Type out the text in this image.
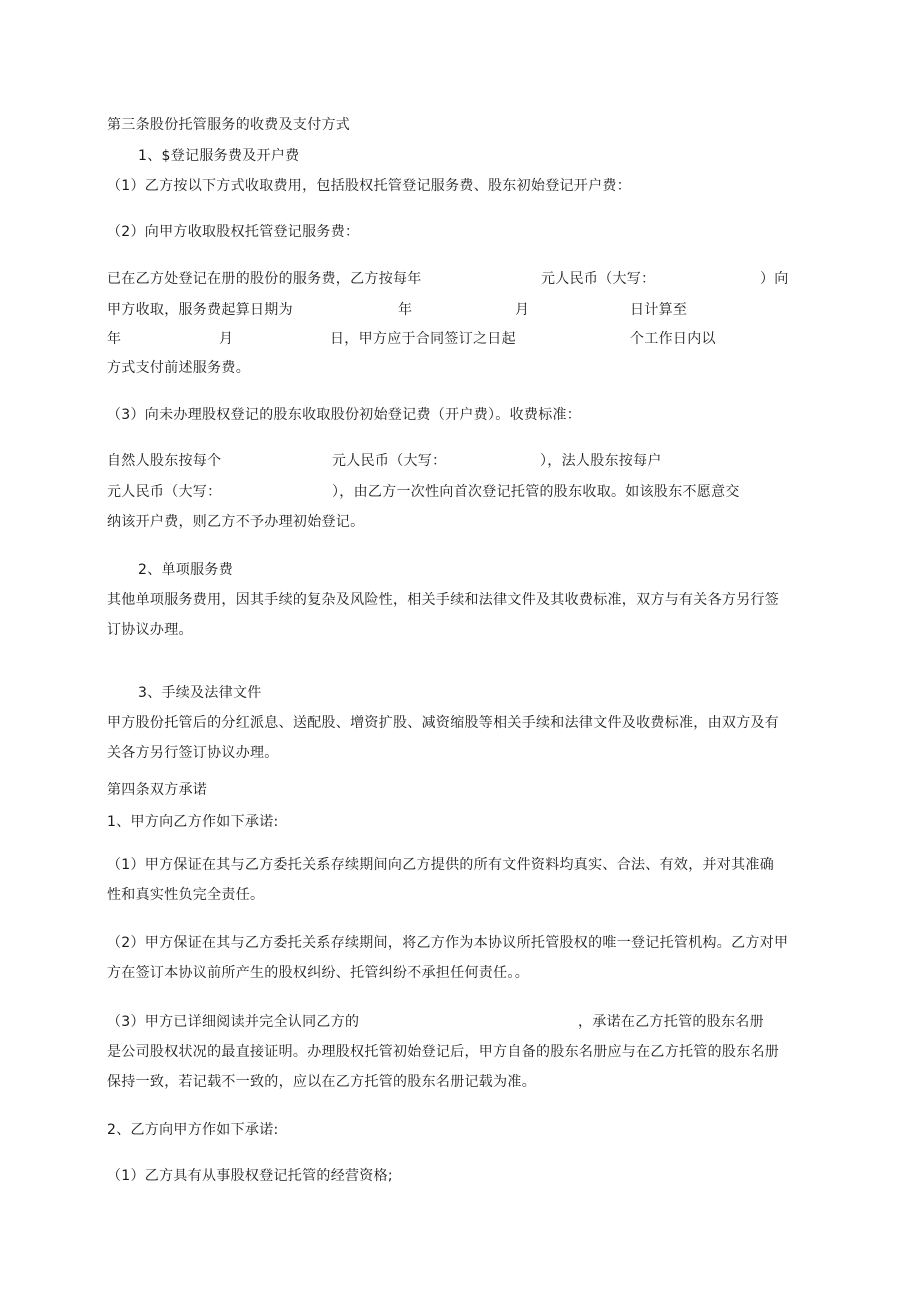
第三条股份托管服务的收费及支付方式
1、$登记服务费及开户费
（1）乙方按以下方式收取费用，包括股权托管登记服务费、股东初始登记开户费：
（2）向甲方收取股权托管登记服务费：
已在乙方处登记在册的股份的服务费，乙方按每年	元人民币（大写：	）向
甲方收取，服务费起算日期为	年	月	日计算至
年	月	日，甲方应于合同签订之日起	个工作日内以
方式支付前述服务费。
（3）向未办理股权登记的股东收取股份初始登记费（开户费）。收费标准：
自然人股东按每个	元人民币（大写：	），法人股东按每户
元人民币（大写：	），由乙方一次性向首次登记托管的股东收取。如该股东不愿意交
纳该开户费，则乙方不予办理初始登记。
2、单项服务费
其他单项服务费用，因其手续的复杂及风险性，相关手续和法律文件及其收费标准，双方与有关各方另行签
订协议办理。
3、手续及法律文件
甲方股份托管后的分红派息、送配股、增资扩股、减资缩股等相关手续和法律文件及收费标准，由双方及有
关各方另行签订协议办理。
第四条双方承诺
1、甲方向乙方作如下承诺:
（1）甲方保证在其与乙方委托关系存续期间向乙方提供的所有文件资料均真实、合法、有效，并对其准确
性和真实性负完全责任。
（2）甲方保证在其与乙方委托关系存续期间，将乙方作为本协议所托管股权的唯一登记托管机构。乙方对甲
方在签订本协议前所产生的股权纠纷、托管纠纷不承担任何责任。。
（3）甲方已详细阅读并完全认同乙方的	，承诺在乙方托管的股东名册
是公司股权状况的最直接证明。办理股权托管初始登记后，甲方自备的股东名册应与在乙方托管的股东名册
保持一致，若记载不一致的，应以在乙方托管的股东名册记载为准。
2、乙方向甲方作如下承诺:
（1）乙方具有从事股权登记托管的经营资格;
